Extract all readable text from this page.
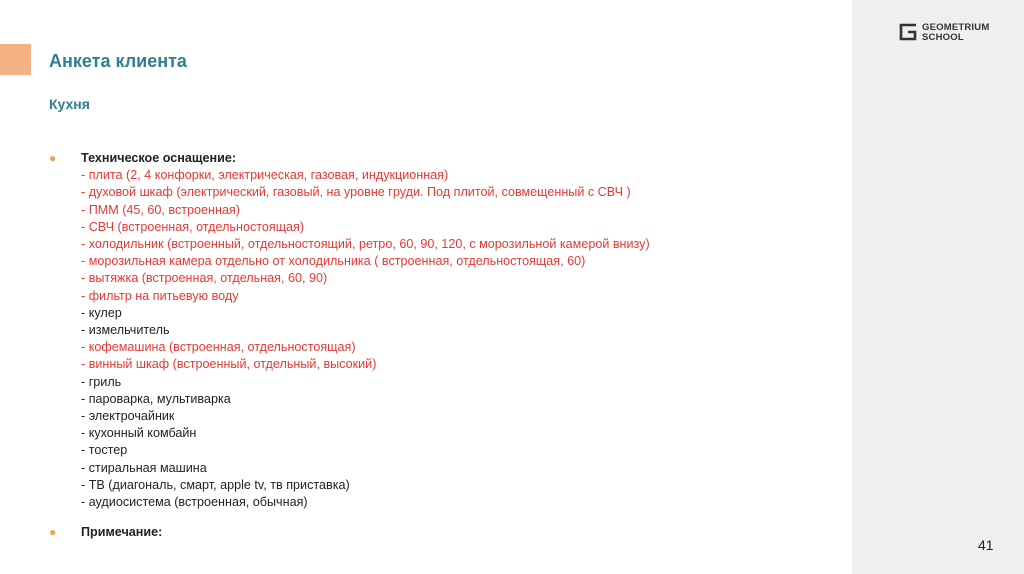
GEOMETRIUM
SCHOOL
Анкета клиента
Кухня
● Техническое оснащение:
- плита (2, 4 конфорки, электрическая, газовая, индукционная)
- духовой шкаф (электрический, газовый, на уровне груди. Под плитой, совмещенный с СВЧ )
- ПММ (45, 60, встроенная)
- СВЧ (встроенная, отдельностоящая)
- холодильник (встроенный, отдельностоящий, ретро, 60, 90, 120, с морозильной камерой внизу)
- морозильная камера отдельно от холодильника ( встроенная, отдельностоящая, 60)
- вытяжка (встроенная, отдельная, 60, 90)
- фильтр на питьевую воду
- кулер
- измельчитель
- кофемашина (встроенная, отдельностоящая)
- винный шкаф (встроенный, отдельный, высокий)
- гриль
- пароварка, мультиварка
- электрочайник
- кухонный комбайн
- тостер
- стиральная машина
- ТВ (диагональ, смарт, apple tv, тв приставка)
- аудиосистема (встроенная, обычная)
● Примечание:
41
